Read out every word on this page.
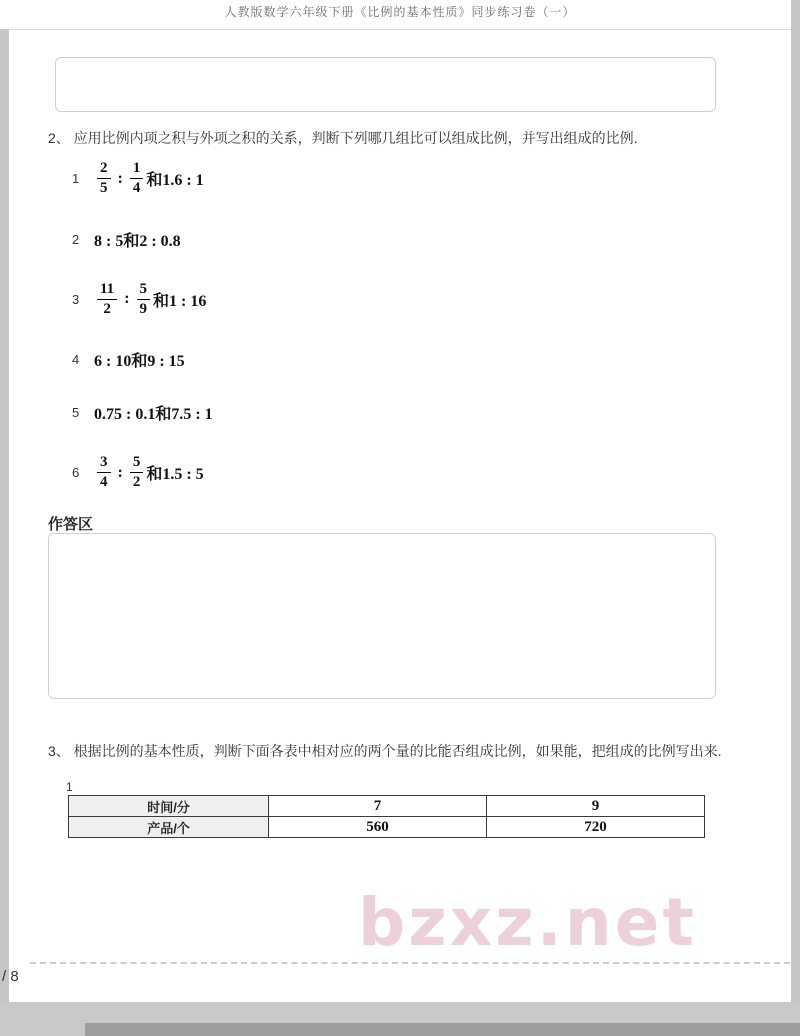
人教版数学六年级下册《比例的基本性质》同步练习卷（一）
2、 应用比例内项之积与外项之积的关系，判断下列哪几组比可以组成比例，并写出组成的比例.
$1 \frac{2}{5}$ : $\frac{1}{4}$ 和1.6 : 1
2 8 : 5和2 : 0.8
$3 \frac{11}{2}$ : $\frac{5}{9}$ 和1 : 16
4 6 : 10和9 : 15
5 0.75 : 0.1和7.5 : 1
$6 \frac{3}{4}$ : $\frac{5}{2}$ 和1.5 : 5
作答区
3、 根据比例的基本性质，判断下面各表中相对应的两个量的比能否组成比例，如果能，把组成的比例写出来.
1
时间/分	7	9
产品/个	560	720
bzxz.net
/ 8
